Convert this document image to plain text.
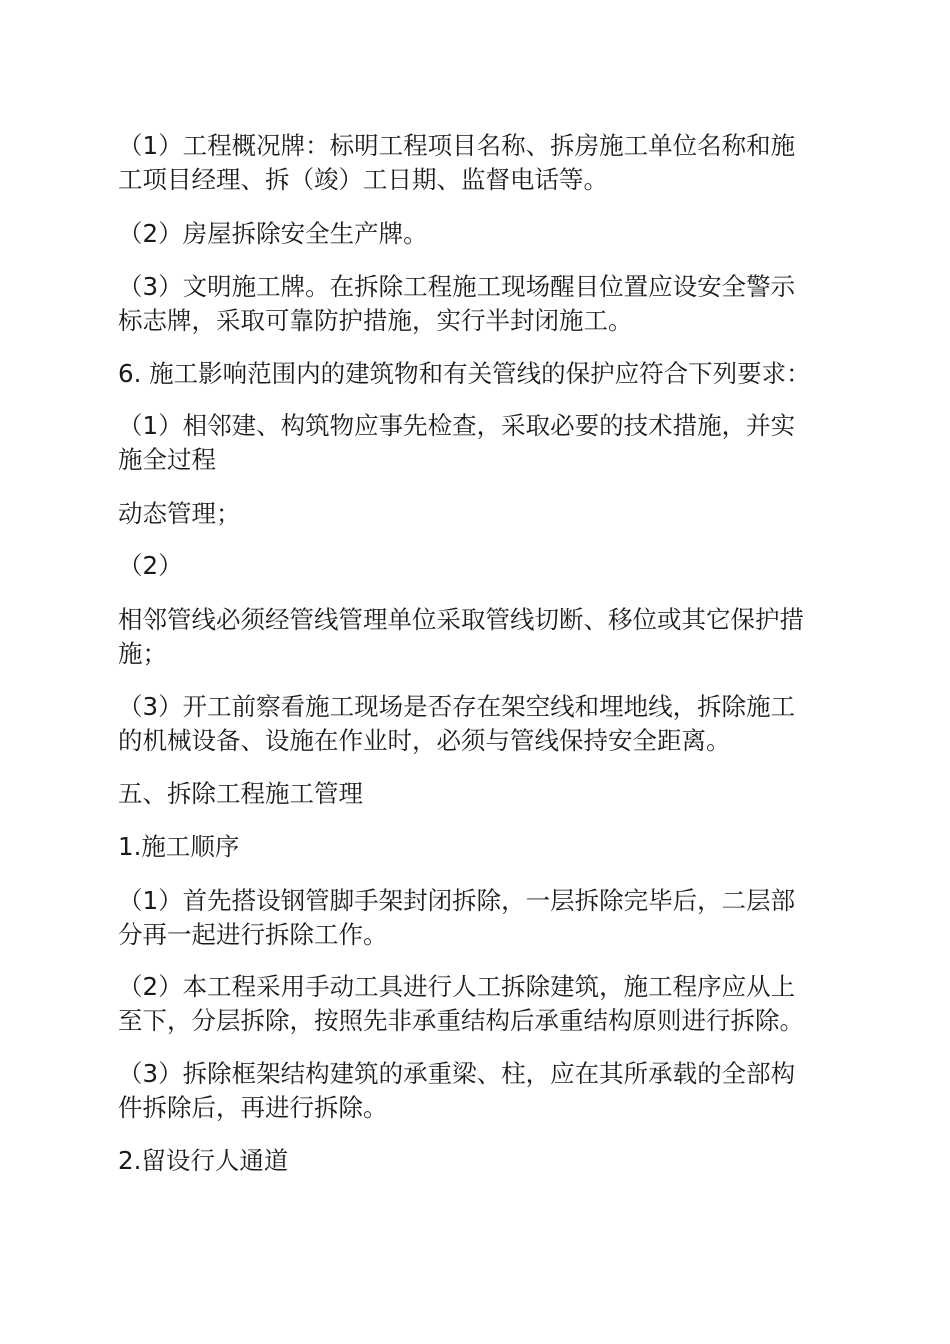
（1）工程概况牌：标明工程项目名称、拆房施工单位名称和施
工项目经理、拆（竣）工日期、监督电话等。

（2）房屋拆除安全生产牌。

（3）文明施工牌。在拆除工程施工现场醒目位置应设安全警示
标志牌，采取可靠防护措施，实行半封闭施工。

6. 施工影响范围内的建筑物和有关管线的保护应符合下列要求：

（1）相邻建、构筑物应事先检查，采取必要的技术措施，并实
施全过程

动态管理；

（2）

相邻管线必须经管线管理单位采取管线切断、移位或其它保护措
施；

（3）开工前察看施工现场是否存在架空线和埋地线，拆除施工
的机械设备、设施在作业时，必须与管线保持安全距离。

五、拆除工程施工管理

1.施工顺序

（1）首先搭设钢管脚手架封闭拆除，一层拆除完毕后，二层部
分再一起进行拆除工作。

（2）本工程采用手动工具进行人工拆除建筑，施工程序应从上
至下，分层拆除，按照先非承重结构后承重结构原则进行拆除。

（3）拆除框架结构建筑的承重梁、柱，应在其所承载的全部构
件拆除后，再进行拆除。

2.留设行人通道
